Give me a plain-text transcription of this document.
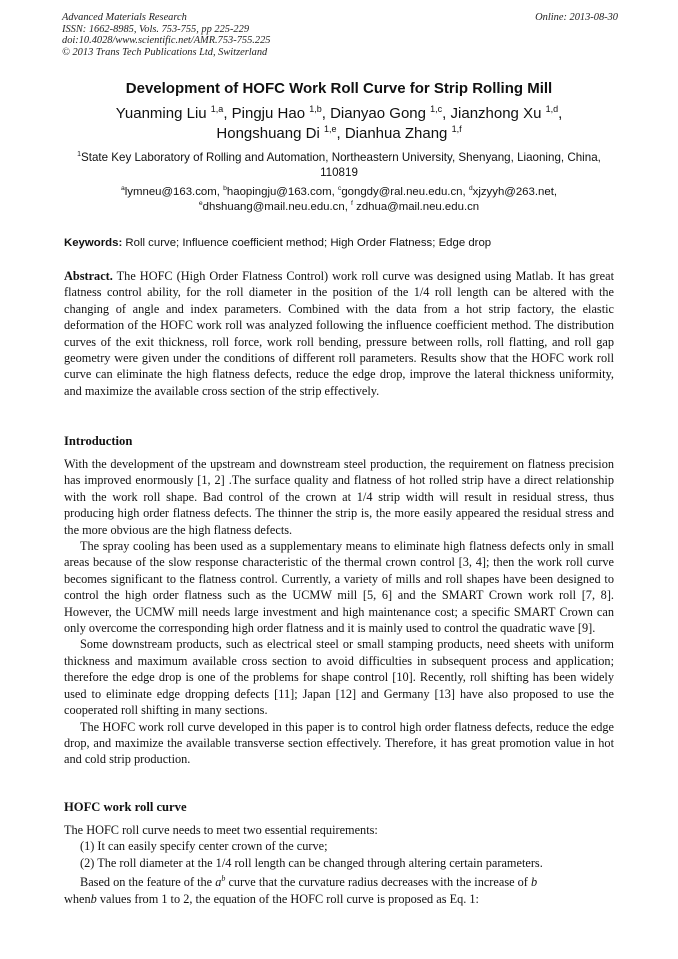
Advanced Materials Research
ISSN: 1662-8985, Vols. 753-755, pp 225-229
doi:10.4028/www.scientific.net/AMR.753-755.225
© 2013 Trans Tech Publications Ltd, Switzerland
Online: 2013-08-30
Development of HOFC Work Roll Curve for Strip Rolling Mill
Yuanming Liu $^{1,a}$, Pingju Hao $^{1,b}$, Dianyao Gong $^{1,c}$, Jianzhong Xu $^{1,d}$,
Hongshuang Di $^{1,e}$, Dianhua Zhang $^{1,f}$
$^1$State Key Laboratory of Rolling and Automation, Northeastern University, Shenyang, Liaoning, China, 110819
$^a$lymneu@163.com, $^b$haopingju@163.com, $^c$gongdy@ral.neu.edu.cn, $^d$xjzyyh@263.net,
$^e$dhshuang@mail.neu.edu.cn, $^f$ zdhua@mail.neu.edu.cn
Keywords: Roll curve; Influence coefficient method; High Order Flatness; Edge drop

Abstract. The HOFC (High Order Flatness Control) work roll curve was designed using Matlab. It has great flatness control ability, for the roll diameter in the position of the 1/4 roll length can be altered with the changing of angle and index parameters. Combined with the data from a hot strip factory, the elastic deformation of the HOFC work roll was analyzed following the influence coefficient method. The distribution curves of the exit thickness, roll force, work roll bending, pressure between rolls, roll flatting, and roll gap geometry were given under the conditions of different roll parameters. Results show that the HOFC work roll curve can eliminate the high flatness defects, reduce the edge drop, improve the lateral thickness uniformity, and maximize the available cross section of the strip effectively.

Introduction

With the development of the upstream and downstream steel production, the requirement on flatness precision has improved enormously [1, 2] .The surface quality and flatness of hot rolled strip have a direct relationship with the work roll shape. Bad control of the crown at 1/4 strip width will result in residual stress, thus producing high order flatness defects. The thinner the strip is, the more easily appeared the residual stress and the more obvious are the high flatness defects.

The spray cooling has been used as a supplementary means to eliminate high flatness defects only in small areas because of the slow response characteristic of the thermal crown control [3, 4]; then the work roll curve becomes significant to the flatness control. Currently, a variety of mills and roll shapes have been designed to control the high order flatness such as the UCMW mill [5, 6] and the SMART Crown work roll [7, 8]. However, the UCMW mill needs large investment and high maintenance cost; a specific SMART Crown can only overcome the corresponding high order flatness and it is mainly used to control the quadratic wave [9].

Some downstream products, such as electrical steel or small stamping products, need sheets with uniform thickness and maximum available cross section to avoid difficulties in subsequent process and application; therefore the edge drop is one of the problems for shape control [10]. Recently, roll shifting has been widely used to eliminate edge dropping defects [11]; Japan [12] and Germany [13] have also proposed to use the cooperated roll shifting in many sections.

The HOFC work roll curve developed in this paper is to control high order flatness defects, reduce the edge drop, and maximize the available transverse section effectively. Therefore, it has great promotion value in hot and cold strip production.

HOFC work roll curve

The HOFC roll curve needs to meet two essential requirements:

(1) It can easily specify center crown of the curve;

(2) The roll diameter at the 1/4 roll length can be changed through altering certain parameters.

Based on the feature of the $a^b$ curve that the curvature radius decreases with the increase of b
whenb values from 1 to 2, the equation of the HOFC roll curve is proposed as Eq. 1:
